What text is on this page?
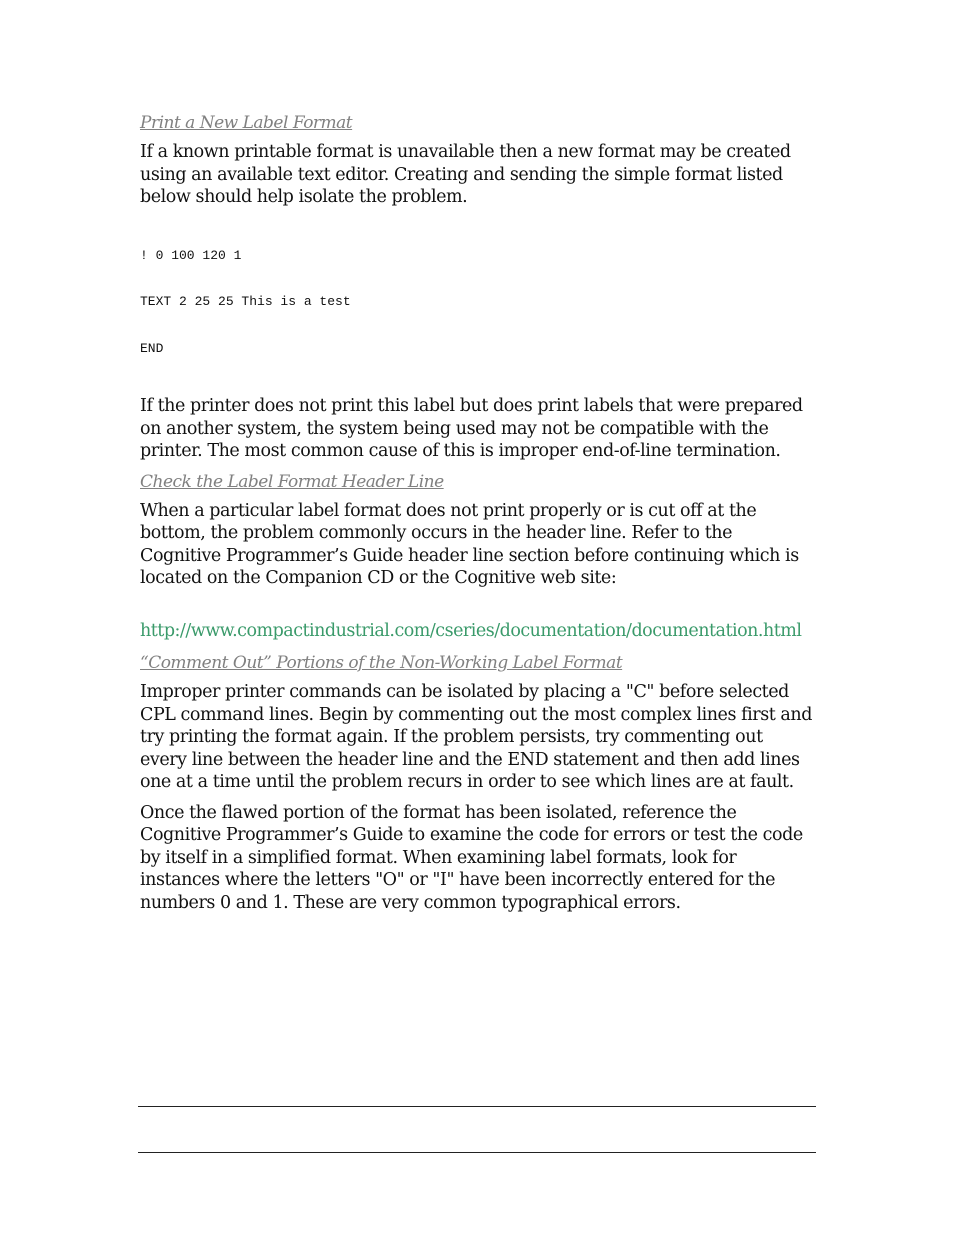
Print a New Label Format

If a known printable format is unavailable then a new format may be created using an available text editor. Creating and sending the simple format listed below should help isolate the problem.

! 0 100 120 1

TEXT 2 25 25 This is a test

END

If the printer does not print this label but does print labels that were prepared on another system, the system being used may not be compatible with the printer. The most common cause of this is improper end-of-line termination.

Check the Label Format Header Line

When a particular label format does not print properly or is cut off at the bottom, the problem commonly occurs in the header line. Refer to the Cognitive Programmer’s Guide header line section before continuing which is located on the Companion CD or the Cognitive web site:

http://www.compactindustrial.com/cseries/documentation/documentation.html
“Comment Out” Portions of the Non-Working Label Format

Improper printer commands can be isolated by placing a "C" before selected CPL command lines. Begin by commenting out the most complex lines first and try printing the format again. If the problem persists, try commenting out every line between the header line and the END statement and then add lines one at a time until the problem recurs in order to see which lines are at fault.

Once the flawed portion of the format has been isolated, reference the Cognitive Programmer’s Guide to examine the code for errors or test the code by itself in a simplified format. When examining label formats, look for instances where the letters "O" or "I" have been incorrectly entered for the numbers 0 and 1. These are very common typographical errors.
